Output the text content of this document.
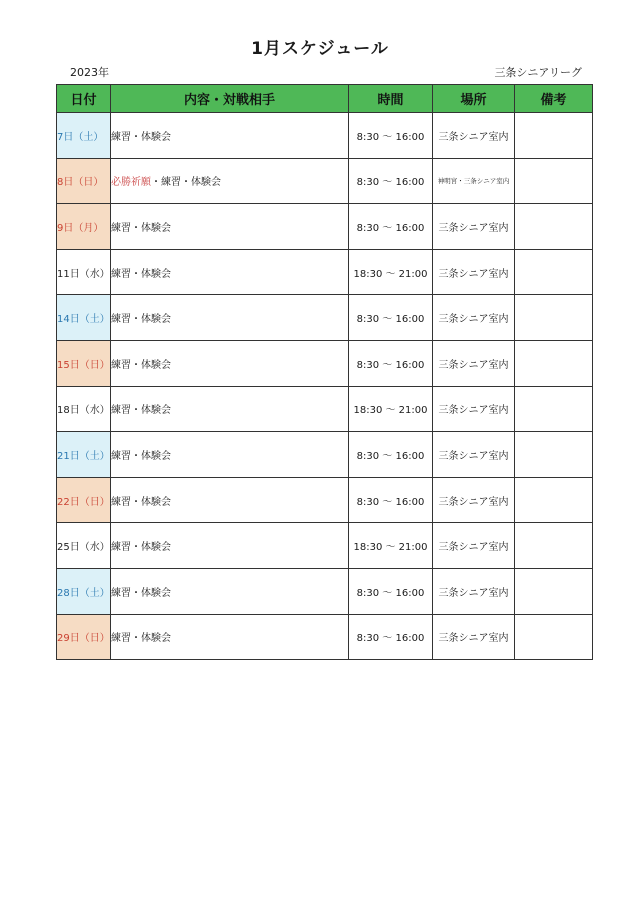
1月スケジュール
2023年	三条シニアリーグ
日付	内容・対戦相手	時間	場所	備考
7日（土）	練習・体験会	8:30 ～ 16:00	三条シニア室内	
8日（日）	必勝祈願・練習・体験会	8:30 ～ 16:00	神明宮・三条シニア室内	
9日（月）	練習・体験会	8:30 ～ 16:00	三条シニア室内	
11日（水）	練習・体験会	18:30 ～ 21:00	三条シニア室内	
14日（土）	練習・体験会	8:30 ～ 16:00	三条シニア室内	
15日（日）	練習・体験会	8:30 ～ 16:00	三条シニア室内	
18日（水）	練習・体験会	18:30 ～ 21:00	三条シニア室内	
21日（土）	練習・体験会	8:30 ～ 16:00	三条シニア室内	
22日（日）	練習・体験会	8:30 ～ 16:00	三条シニア室内	
25日（水）	練習・体験会	18:30 ～ 21:00	三条シニア室内	
28日（土）	練習・体験会	8:30 ～ 16:00	三条シニア室内	
29日（日）	練習・体験会	8:30 ～ 16:00	三条シニア室内	
